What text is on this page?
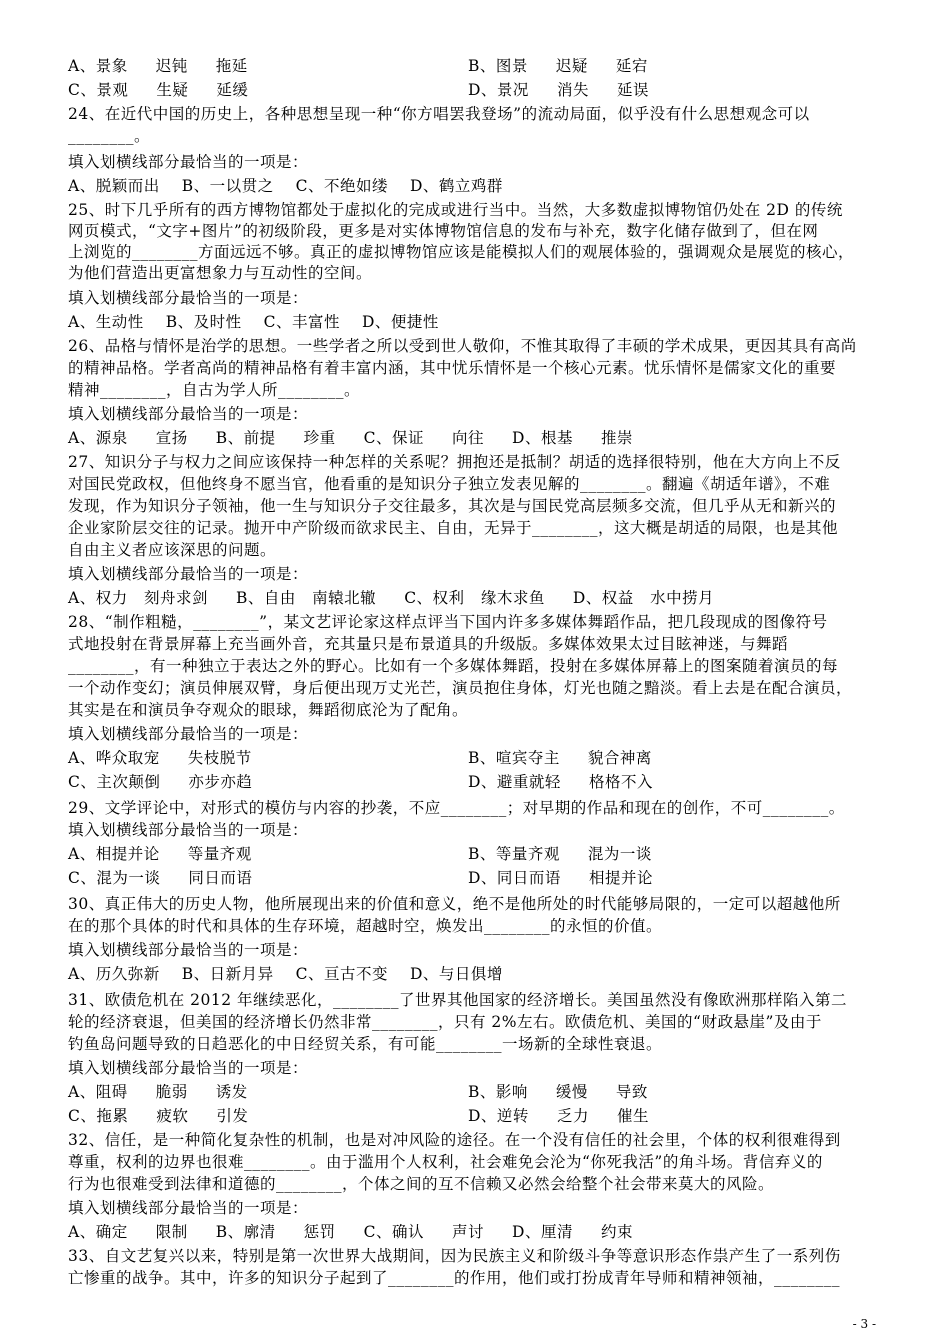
A、景象 迟钝 拖延	B、图景 迟疑 延宕
C、景观 生疑 延缓	D、景况 消失 延误
24、在近代中国的历史上，各种思想呈现一种“你方唱罢我登场”的流动局面，似乎没有什么思想观念可以
________。
填入划横线部分最恰当的一项是：
A、脱颖而出 B、一以贯之 C、不绝如缕 D、鹤立鸡群
25、时下几乎所有的西方博物馆都处于虚拟化的完成或进行当中。当然，大多数虚拟博物馆仍处在 2D 的传统
网页模式，“文字+图片”的初级阶段，更多是对实体博物馆信息的发布与补充，数字化储存做到了，但在网
上浏览的________方面远远不够。真正的虚拟博物馆应该是能模拟人们的观展体验的，强调观众是展览的核心，
为他们营造出更富想象力与互动性的空间。
填入划横线部分最恰当的一项是：
A、生动性 B、及时性 C、丰富性 D、便捷性
26、品格与情怀是治学的思想。一些学者之所以受到世人敬仰，不惟其取得了丰硕的学术成果，更因其具有高尚
的精神品格。学者高尚的精神品格有着丰富内涵，其中忧乐情怀是一个核心元素。忧乐情怀是儒家文化的重要
精神________，自古为学人所________。
填入划横线部分最恰当的一项是：
A、源泉 宣扬 B、前提 珍重 C、保证 向往 D、根基 推崇
27、知识分子与权力之间应该保持一种怎样的关系呢？拥抱还是抵制？胡适的选择很特别，他在大方向上不反
对国民党政权，但他终身不愿当官，他看重的是知识分子独立发表见解的________。翻遍《胡适年谱》，不难
发现，作为知识分子领袖，他一生与知识分子交往最多，其次是与国民党高层频多交流，但几乎从无和新兴的
企业家阶层交往的记录。抛开中产阶级而欲求民主、自由，无异于________，这大概是胡适的局限，也是其他
自由主义者应该深思的问题。
填入划横线部分最恰当的一项是：
A、权力 刻舟求剑 B、自由 南辕北辙 C、权利 缘木求鱼 D、权益 水中捞月
28、“制作粗糙，________”，某文艺评论家这样点评当下国内许多多媒体舞蹈作品，把几段现成的图像符号
式地投射在背景屏幕上充当画外音，充其量只是布景道具的升级版。多媒体效果太过目眩神迷，与舞蹈
________，有一种独立于表达之外的野心。比如有一个多媒体舞蹈，投射在多媒体屏幕上的图案随着演员的每
一个动作变幻；演员伸展双臂，身后便出现万丈光芒，演员抱住身体，灯光也随之黯淡。看上去是在配合演员，
其实是在和演员争夺观众的眼球，舞蹈彻底沦为了配角。
填入划横线部分最恰当的一项是：
A、哗众取宠 失枝脱节	B、喧宾夺主 貌合神离
C、主次颠倒 亦步亦趋	D、避重就轻 格格不入
29、文学评论中，对形式的模仿与内容的抄袭，不应________；对早期的作品和现在的创作，不可________。
填入划横线部分最恰当的一项是：
A、相提并论 等量齐观	B、等量齐观 混为一谈
C、混为一谈 同日而语	D、同日而语 相提并论
30、真正伟大的历史人物，他所展现出来的价值和意义，绝不是他所处的时代能够局限的，一定可以超越他所
在的那个具体的时代和具体的生存环境，超越时空，焕发出________的永恒的价值。
填入划横线部分最恰当的一项是：
A、历久弥新 B、日新月异 C、亘古不变 D、与日俱增
31、欧债危机在 2012 年继续恶化，________了世界其他国家的经济增长。美国虽然没有像欧洲那样陷入第二
轮的经济衰退，但美国的经济增长仍然非常________，只有 2%左右。欧债危机、美国的“财政悬崖”及由于
钓鱼岛问题导致的日趋恶化的中日经贸关系，有可能________一场新的全球性衰退。
填入划横线部分最恰当的一项是：
A、阻碍 脆弱 诱发	B、影响 缓慢 导致
C、拖累 疲软 引发	D、逆转 乏力 催生
32、信任，是一种简化复杂性的机制，也是对冲风险的途径。在一个没有信任的社会里，个体的权利很难得到
尊重，权利的边界也很难________。由于滥用个人权利，社会难免会沦为“你死我活”的角斗场。背信弃义的
行为也很难受到法律和道德的________，个体之间的互不信赖又必然会给整个社会带来莫大的风险。
填入划横线部分最恰当的一项是：
A、确定 限制 B、廓清 惩罚 C、确认 声讨 D、厘清 约束
33、自文艺复兴以来，特别是第一次世界大战期间，因为民族主义和阶级斗争等意识形态作祟产生了一系列伤
亡惨重的战争。其中，许多的知识分子起到了________的作用，他们或打扮成青年导师和精神领袖，________
- 3 -
